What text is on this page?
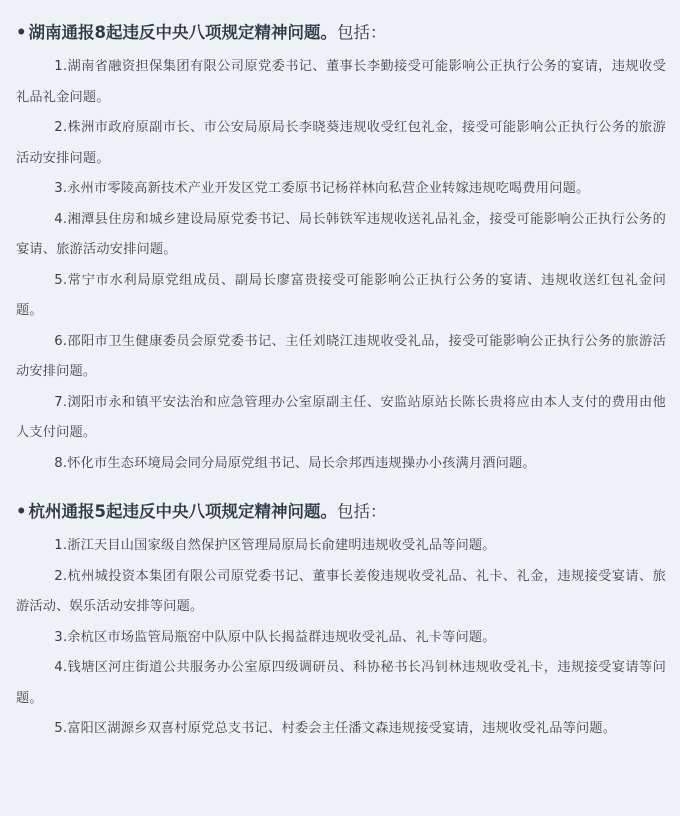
• 湖南通报8起违反中央八项规定精神问题。包括：

1.湖南省融资担保集团有限公司原党委书记、董事长李勤接受可能影响公正执行公务的宴请，违规收受礼品礼金问题。

2.株洲市政府原副市长、市公安局原局长李晓葵违规收受红包礼金，接受可能影响公正执行公务的旅游活动安排问题。

3.永州市零陵高新技术产业开发区党工委原书记杨祥林向私营企业转嫁违规吃喝费用问题。

4.湘潭县住房和城乡建设局原党委书记、局长韩铁军违规收送礼品礼金，接受可能影响公正执行公务的宴请、旅游活动安排问题。

5.常宁市水利局原党组成员、副局长廖富贵接受可能影响公正执行公务的宴请、违规收送红包礼金问题。

6.邵阳市卫生健康委员会原党委书记、主任刘晓江违规收受礼品，接受可能影响公正执行公务的旅游活动安排问题。

7.浏阳市永和镇平安法治和应急管理办公室原副主任、安监站原站长陈长贵将应由本人支付的费用由他人支付问题。

8.怀化市生态环境局会同分局原党组书记、局长佘邦西违规操办小孩满月酒问题。

• 杭州通报5起违反中央八项规定精神问题。包括：

1.浙江天目山国家级自然保护区管理局原局长俞建明违规收受礼品等问题。

2.杭州城投资本集团有限公司原党委书记、董事长姜俊违规收受礼品、礼卡、礼金，违规接受宴请、旅游活动、娱乐活动安排等问题。

3.余杭区市场监管局瓶窑中队原中队长揭益群违规收受礼品、礼卡等问题。

4.钱塘区河庄街道公共服务办公室原四级调研员、科协秘书长冯钊林违规收受礼卡，违规接受宴请等问题。

5.富阳区湖源乡双喜村原党总支书记、村委会主任潘文森违规接受宴请，违规收受礼品等问题。
